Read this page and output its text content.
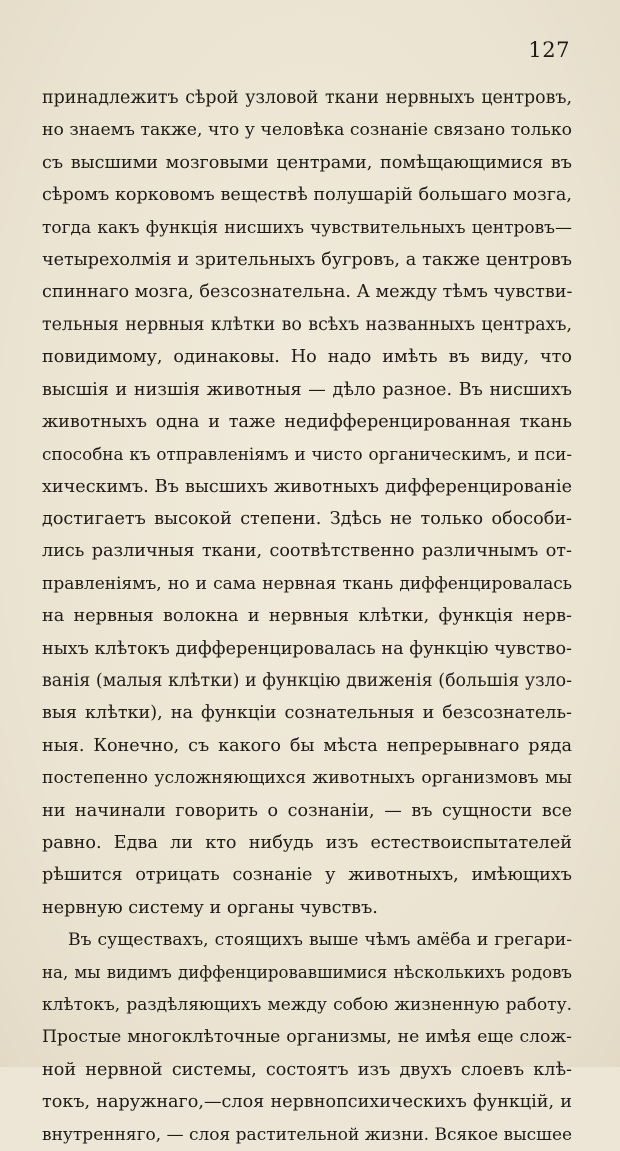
127
принадлежитъ сѣрой узловой ткани нервныхъ центровъ,
но знаемъ также, что у человѣка сознаніе связано только
съ высшими мозговыми центрами, помѣщающимися въ
сѣромъ корковомъ веществѣ полушарій большаго мозга,
тогда какъ функція нисшихъ чувствительныхъ центровъ—
четырехолмія и зрительныхъ бугровъ, а также центровъ
спиннаго мозга, безсознательна. А между тѣмъ чувстви-
тельныя нервныя клѣтки во всѣхъ названныхъ центрахъ,
повидимому, одинаковы. Но надо имѣть въ виду, что
высшія и низшія животныя — дѣло разное. Въ нисшихъ
животныхъ одна и таже недифференцированная ткань
способна къ отправленіямъ и чисто органическимъ, и пси-
хическимъ. Въ высшихъ животныхъ дифференцированіе
достигаетъ высокой степени. Здѣсь не только обособи-
лись различныя ткани, соотвѣтственно различнымъ от-
правленіямъ, но и сама нервная ткань диффенцировалась
на нервныя волокна и нервныя клѣтки, функція нерв-
ныхъ клѣтокъ дифференцировалась на функцію чувство-
ванія (малыя клѣтки) и функцію движенія (большія узло-
выя клѣтки), на функціи сознательныя и безсознатель-
ныя. Конечно, съ какого бы мѣста непрерывнаго ряда
постепенно усложняющихся животныхъ организмовъ мы
ни начинали говорить о сознаніи, — въ сущности все
равно. Едва ли кто нибудь изъ естествоиспытателей
рѣшится отрицать сознаніе у животныхъ, имѣющихъ
нервную систему и органы чувствъ.
Въ существахъ, стоящихъ выше чѣмъ амёба и грегари-
на, мы видимъ диффенцировавшимися нѣсколькихъ родовъ
клѣтокъ, раздѣляющихъ между собою жизненную работу.
Простые многоклѣточные организмы, не имѣя еще слож-
ной нервной системы, состоятъ изъ двухъ слоевъ клѣ-
токъ, наружнаго,—слоя нервнопсихическихъ функцій, и
внутренняго, — слоя растительной жизни. Всякое высшее
